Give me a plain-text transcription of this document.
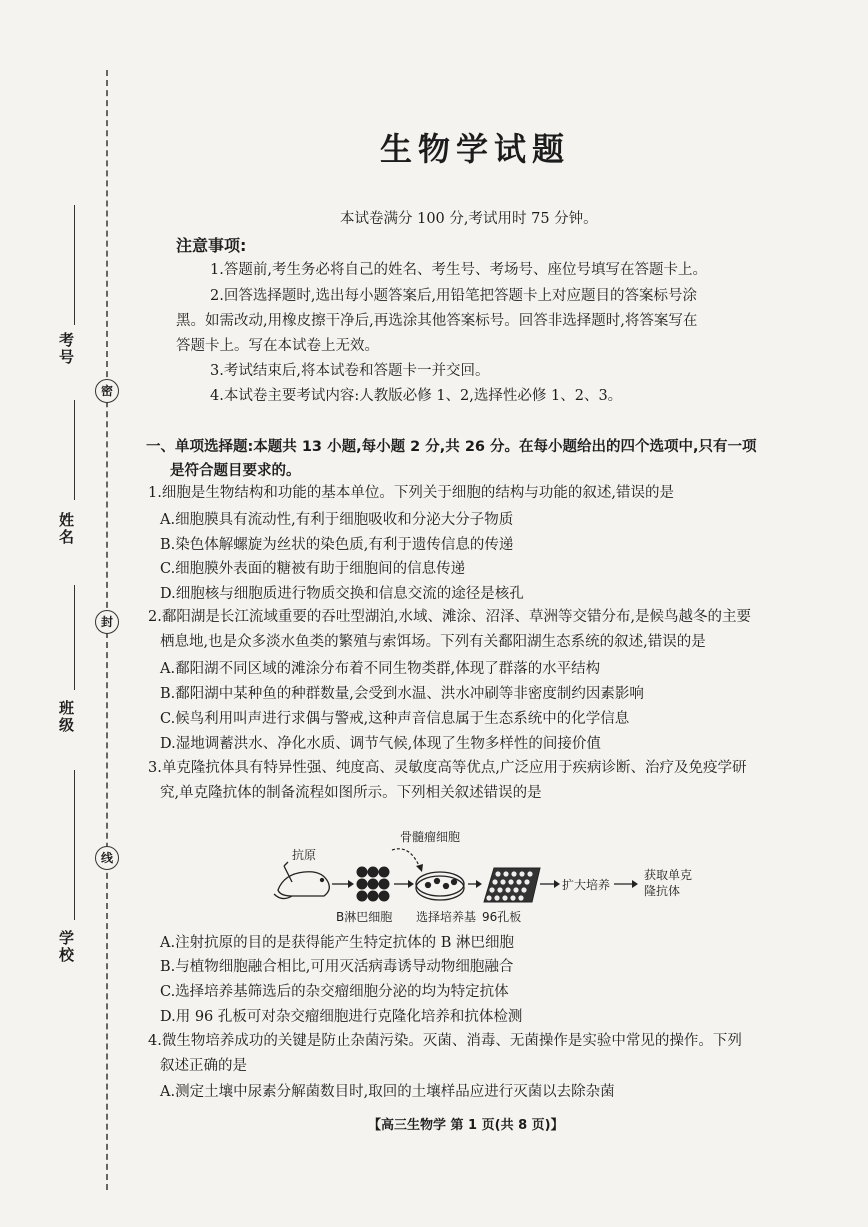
考号
姓名
班级
学校
密
封
线
生物学试题
本试卷满分 100 分,考试用时 75 分钟。
注意事项:
1.答题前,考生务必将自己的姓名、考生号、考场号、座位号填写在答题卡上。
2.回答选择题时,选出每小题答案后,用铅笔把答题卡上对应题目的答案标号涂
黑。如需改动,用橡皮擦干净后,再选涂其他答案标号。回答非选择题时,将答案写在
答题卡上。写在本试卷上无效。
3.考试结束后,将本试卷和答题卡一并交回。
4.本试卷主要考试内容:人教版必修 1、2,选择性必修 1、2、3。
一、单项选择题:本题共 13 小题,每小题 2 分,共 26 分。在每小题给出的四个选项中,只有一项
是符合题目要求的。
1.细胞是生物结构和功能的基本单位。下列关于细胞的结构与功能的叙述,错误的是
A.细胞膜具有流动性,有利于细胞吸收和分泌大分子物质
B.染色体解螺旋为丝状的染色质,有利于遗传信息的传递
C.细胞膜外表面的糖被有助于细胞间的信息传递
D.细胞核与细胞质进行物质交换和信息交流的途径是核孔
2.鄱阳湖是长江流域重要的吞吐型湖泊,水域、滩涂、沼泽、草洲等交错分布,是候鸟越冬的主要
栖息地,也是众多淡水鱼类的繁殖与索饵场。下列有关鄱阳湖生态系统的叙述,错误的是
A.鄱阳湖不同区域的滩涂分布着不同生物类群,体现了群落的水平结构
B.鄱阳湖中某种鱼的种群数量,会受到水温、洪水冲刷等非密度制约因素影响
C.候鸟利用叫声进行求偶与警戒,这种声音信息属于生态系统中的化学信息
D.湿地调蓄洪水、净化水质、调节气候,体现了生物多样性的间接价值
3.单克隆抗体具有特异性强、纯度高、灵敏度高等优点,广泛应用于疾病诊断、治疗及免疫学研
究,单克隆抗体的制备流程如图所示。下列相关叙述错误的是
抗原
骨髓瘤细胞
B淋巴细胞 选择培养基 96孔板
扩大培养
获取单克
隆抗体
A.注射抗原的目的是获得能产生特定抗体的 B 淋巴细胞
B.与植物细胞融合相比,可用灭活病毒诱导动物细胞融合
C.选择培养基筛选后的杂交瘤细胞分泌的均为特定抗体
D.用 96 孔板可对杂交瘤细胞进行克隆化培养和抗体检测
4.微生物培养成功的关键是防止杂菌污染。灭菌、消毒、无菌操作是实验中常见的操作。下列
叙述正确的是
A.测定土壤中尿素分解菌数目时,取回的土壤样品应进行灭菌以去除杂菌
【高三生物学 第 1 页(共 8 页)】
